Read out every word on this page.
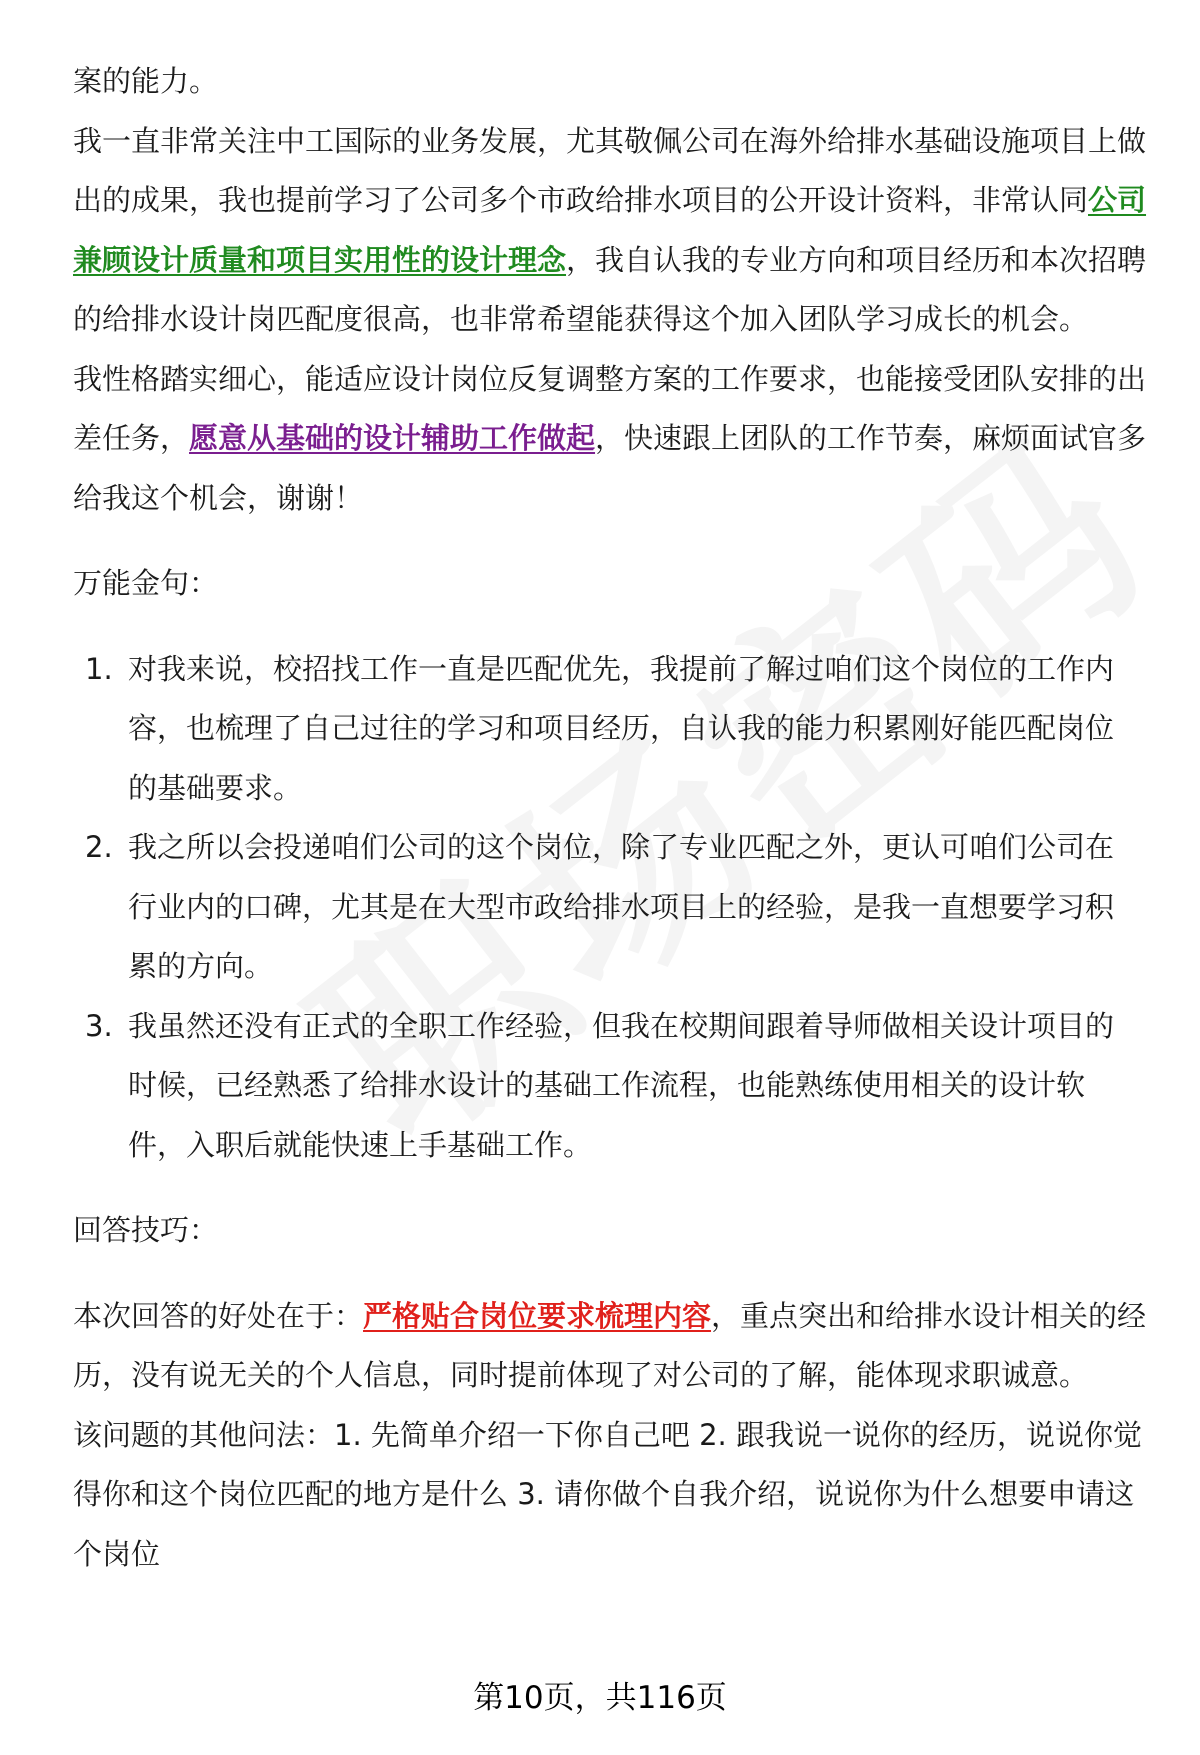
案的能力。

我一直非常关注中工国际的业务发展，尤其敬佩公司在海外给排水基础设施项目上做出的成果，我也提前学习了公司多个市政给排水项目的公开设计资料，非常认同公司兼顾设计质量和项目实用性的设计理念，我自认我的专业方向和项目经历和本次招聘的给排水设计岗匹配度很高，也非常希望能获得这个加入团队学习成长的机会。

我性格踏实细心，能适应设计岗位反复调整方案的工作要求，也能接受团队安排的出差任务，愿意从基础的设计辅助工作做起，快速跟上团队的工作节奏，麻烦面试官多给我这个机会，谢谢！

万能金句：

1. 对我来说，校招找工作一直是匹配优先，我提前了解过咱们这个岗位的工作内容，也梳理了自己过往的学习和项目经历，自认我的能力积累刚好能匹配岗位的基础要求。
2. 我之所以会投递咱们公司的这个岗位，除了专业匹配之外，更认可咱们公司在行业内的口碑，尤其是在大型市政给排水项目上的经验，是我一直想要学习积累的方向。
3. 我虽然还没有正式的全职工作经验，但我在校期间跟着导师做相关设计项目的时候，已经熟悉了给排水设计的基础工作流程，也能熟练使用相关的设计软件，入职后就能快速上手基础工作。

回答技巧：

本次回答的好处在于：严格贴合岗位要求梳理内容，重点突出和给排水设计相关的经历，没有说无关的个人信息，同时提前体现了对公司的了解，能体现求职诚意。

该问题的其他问法：1. 先简单介绍一下你自己吧 2. 跟我说一说你的经历，说说你觉得你和这个岗位匹配的地方是什么 3. 请你做个自我介绍，说说你为什么想要申请这个岗位

第10页，共116页
